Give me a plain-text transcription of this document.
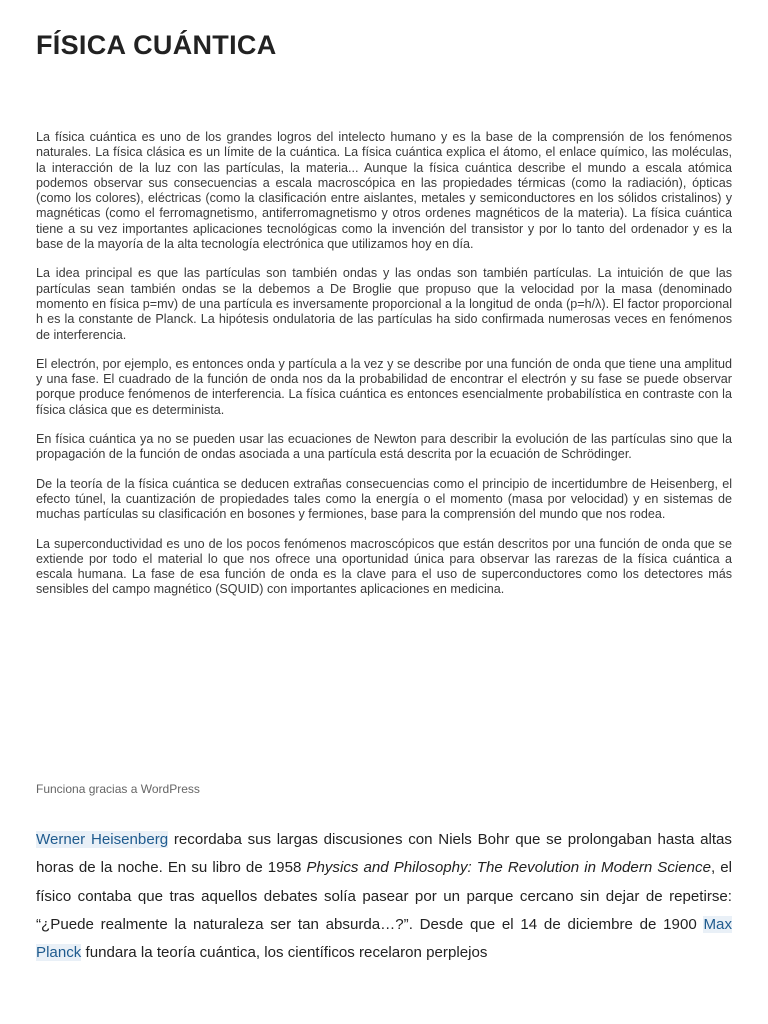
FÍSICA CUÁNTICA

La física cuántica es uno de los grandes logros del intelecto humano y es la base de la comprensión de los fenómenos naturales. La física clásica es un límite de la cuántica. La física cuántica explica el átomo, el enlace químico, las moléculas, la interacción de la luz con las partículas, la materia... Aunque la física cuántica describe el mundo a escala atómica podemos observar sus consecuencias a escala macroscópica en las propiedades térmicas (como la radiación), ópticas (como los colores), eléctricas (como la clasificación entre aislantes, metales y semiconductores en los sólidos cristalinos) y magnéticas (como el ferromagnetismo, antiferromagnetismo y otros ordenes magnéticos de la materia). La física cuántica tiene a su vez importantes aplicaciones tecnológicas como la invención del transistor y por lo tanto del ordenador y es la base de la mayoría de la alta tecnología electrónica que utilizamos hoy en día.

La idea principal es que las partículas son también ondas y las ondas son también partículas. La intuición de que las partículas sean también ondas se la debemos a De Broglie que propuso que la velocidad por la masa (denominado momento en física p=mv) de una partícula es inversamente proporcional a la longitud de onda (p=h/λ). El factor proporcional h es la constante de Planck. La hipótesis ondulatoria de las partículas ha sido confirmada numerosas veces en fenómenos de interferencia.

El electrón, por ejemplo, es entonces onda y partícula a la vez y se describe por una función de onda que tiene una amplitud y una fase. El cuadrado de la función de onda nos da la probabilidad de encontrar el electrón y su fase se puede observar porque produce fenómenos de interferencia. La física cuántica es entonces esencialmente probabilística en contraste con la física clásica que es determinista.

En física cuántica ya no se pueden usar las ecuaciones de Newton para describir la evolución de las partículas sino que la propagación de la función de ondas asociada a una partícula está descrita por la ecuación de Schrödinger.

De la teoría de la física cuántica se deducen extrañas consecuencias como el principio de incertidumbre de Heisenberg, el efecto túnel, la cuantización de propiedades tales como la energía o el momento (masa por velocidad) y en sistemas de muchas partículas su clasificación en bosones y fermiones, base para la comprensión del mundo que nos rodea.

La superconductividad es uno de los pocos fenómenos macroscópicos que están descritos por una función de onda que se extiende por todo el material lo que nos ofrece una oportunidad única para observar las rarezas de la física cuántica a escala humana. La fase de esa función de onda es la clave para el uso de superconductores como los detectores más sensibles del campo magnético (SQUID) con importantes aplicaciones en medicina.

Funciona gracias a WordPress

Werner Heisenberg recordaba sus largas discusiones con Niels Bohr que se prolongaban hasta altas horas de la noche. En su libro de 1958 Physics and Philosophy: The Revolution in Modern Science, el físico contaba que tras aquellos debates solía pasear por un parque cercano sin dejar de repetirse: “¿Puede realmente la naturaleza ser tan absurda…?”. Desde que el 14 de diciembre de 1900 Max Planck fundara la teoría cuántica, los científicos recelaron perplejos
